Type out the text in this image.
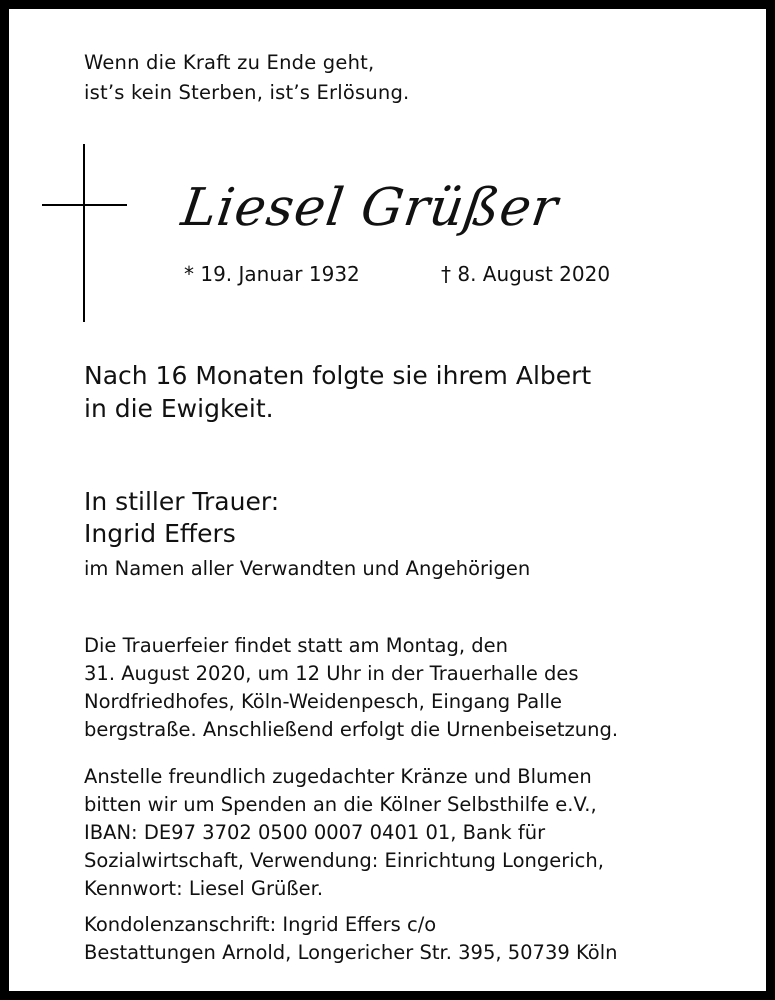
Wenn die Kraft zu Ende geht,
ist’s kein Sterben, ist’s Erlösung.
Liesel Grüßer
* 19. Januar 1932	† 8. August 2020
Nach 16 Monaten folgte sie ihrem Albert
in die Ewigkeit.
In stiller Trauer:
Ingrid Effers
im Namen aller Verwandten und Angehörigen
Die Trauerfeier findet statt am Montag, den
31. August 2020, um 12 Uhr in der Trauerhalle des
Nordfriedhofes, Köln-Weidenpesch, Eingang Palle
bergstraße. Anschließend erfolgt die Urnenbeisetzung.
Anstelle freundlich zugedachter Kränze und Blumen
bitten wir um Spenden an die Kölner Selbsthilfe e.V.,
IBAN: DE97 3702 0500 0007 0401 01, Bank für
Sozialwirtschaft, Verwendung: Einrichtung Longerich,
Kennwort: Liesel Grüßer.
Kondolenzanschrift: Ingrid Effers c/o
Bestattungen Arnold, Longericher Str. 395, 50739 Köln
